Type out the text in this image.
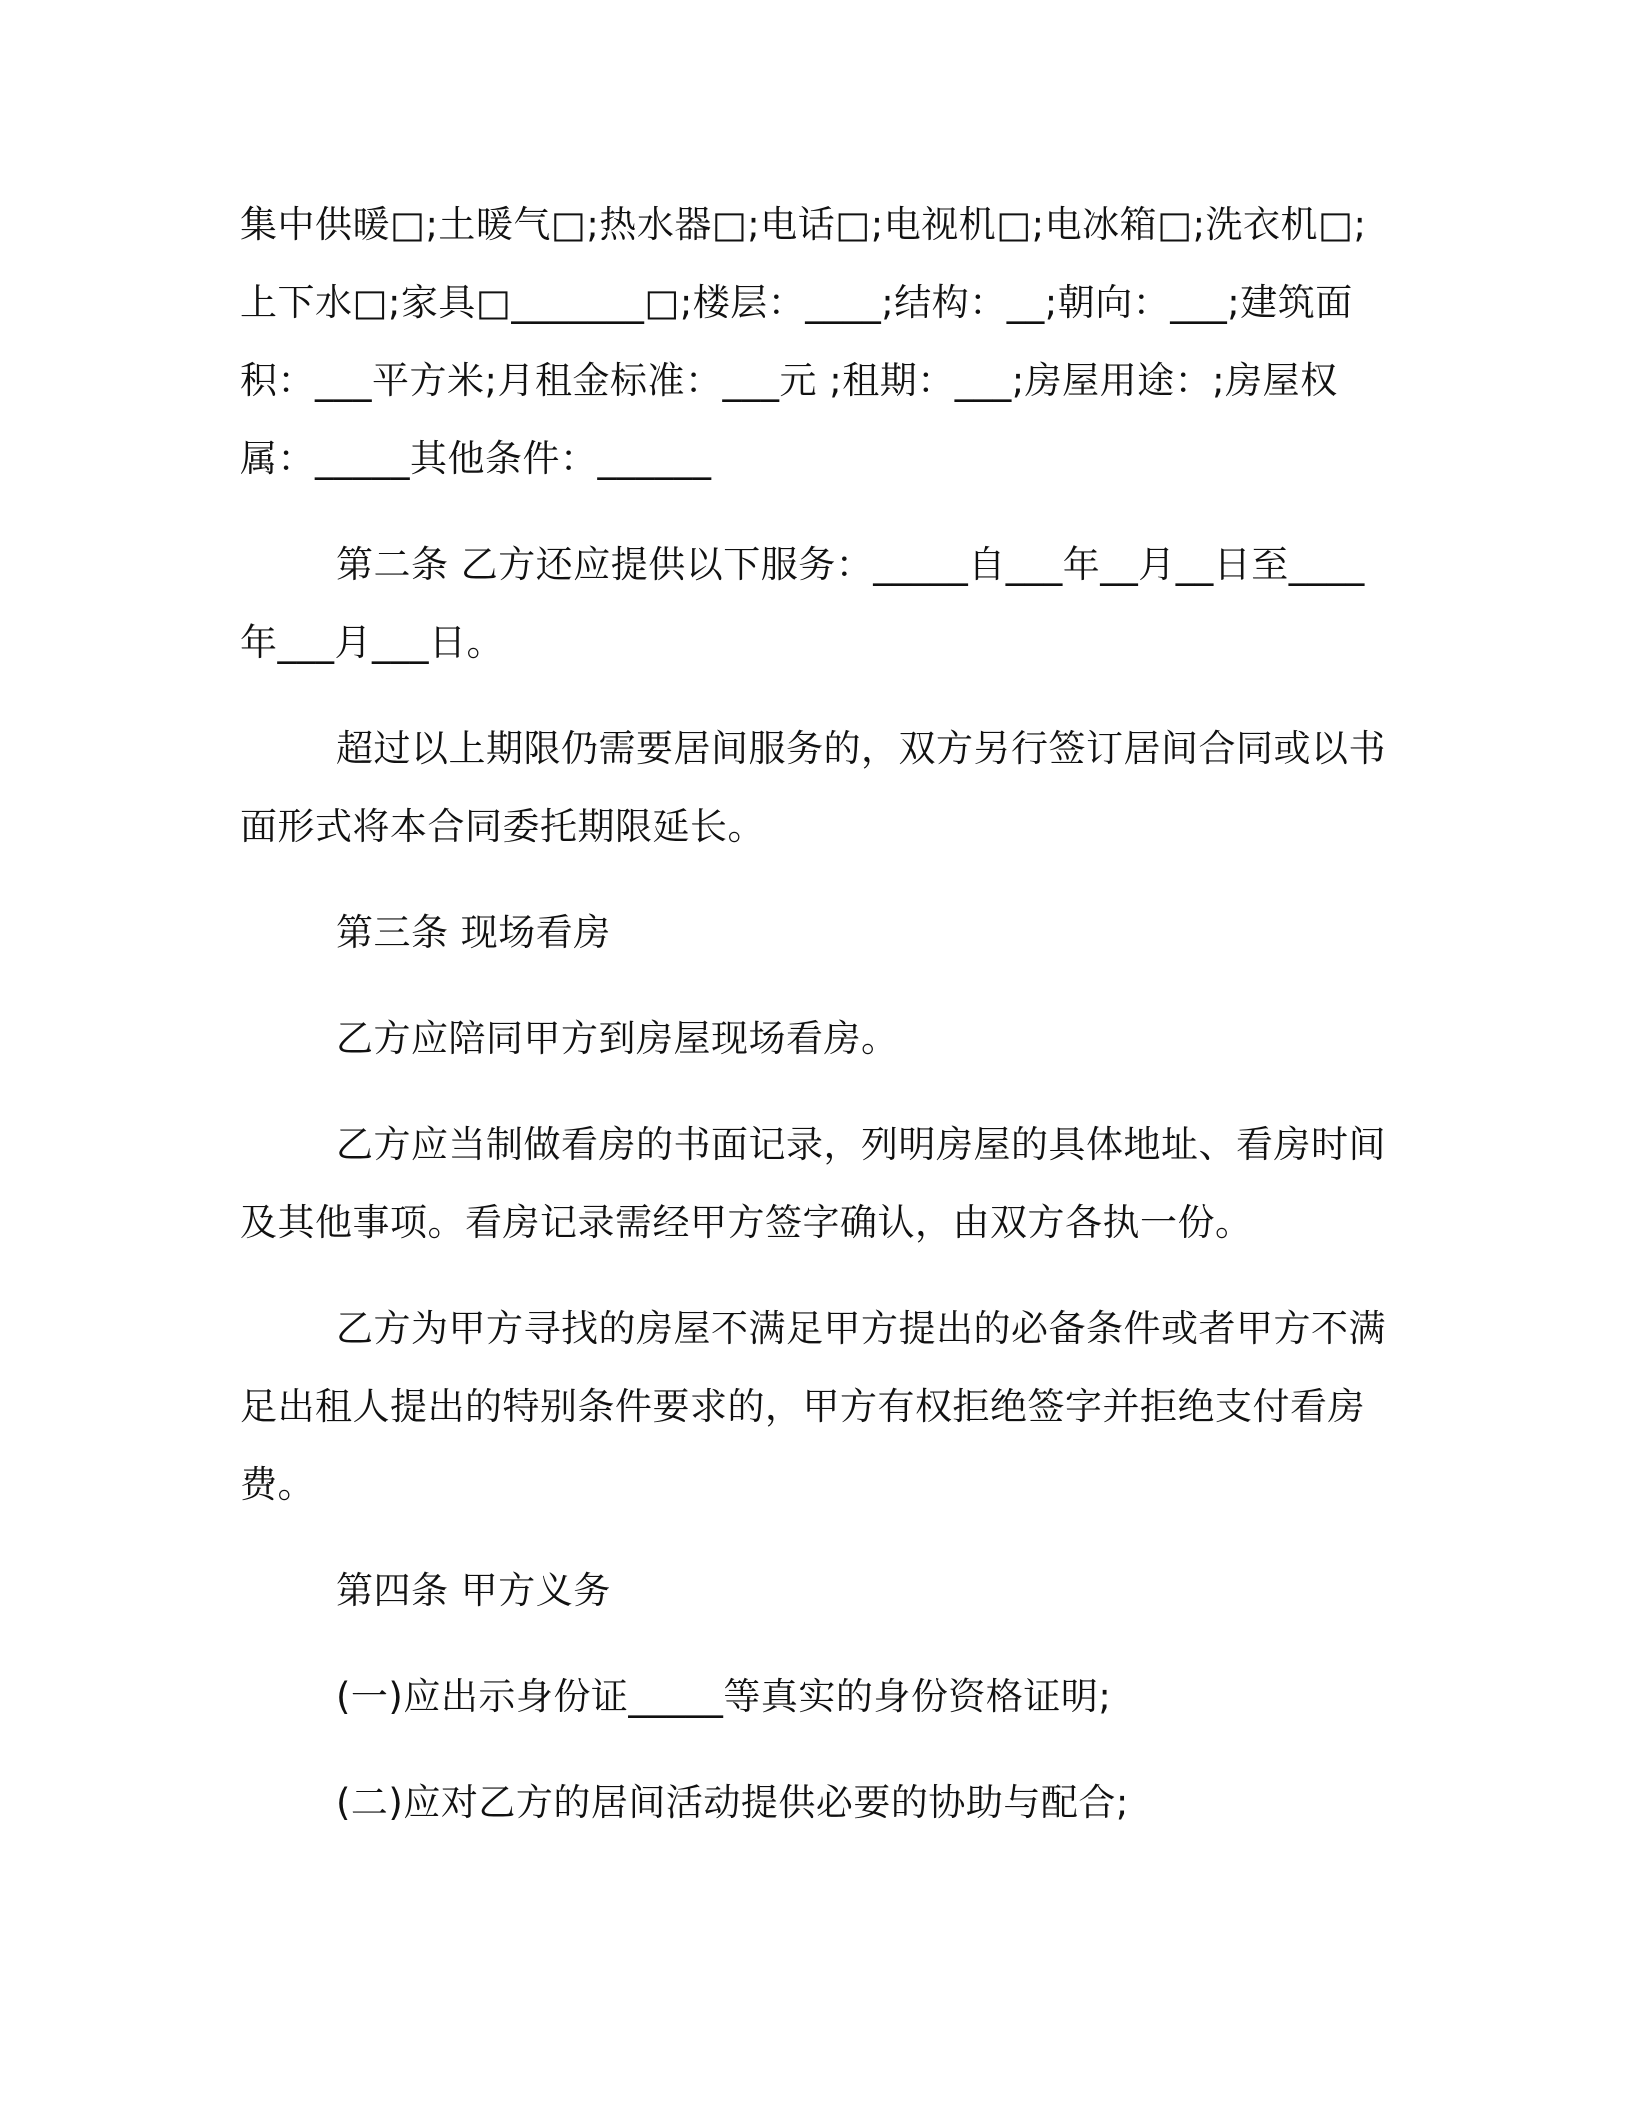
集中供暖□;土暖气□;热水器□;电话□;电视机□;电冰箱□;洗衣机□;上下水□;家具□_______□;楼层：____;结构：__;朝向：___;建筑面积：___平方米;月租金标准：___元 ;租期：___;房屋用途：;房屋权属：_____其他条件：______

第二条 乙方还应提供以下服务：_____自___年__月__日至____年___月___日。

超过以上期限仍需要居间服务的，双方另行签订居间合同或以书面形式将本合同委托期限延长。

第三条 现场看房

乙方应陪同甲方到房屋现场看房。

乙方应当制做看房的书面记录，列明房屋的具体地址、看房时间及其他事项。看房记录需经甲方签字确认，由双方各执一份。

乙方为甲方寻找的房屋不满足甲方提出的必备条件或者甲方不满足出租人提出的特别条件要求的，甲方有权拒绝签字并拒绝支付看房费。

第四条 甲方义务

(一)应出示身份证_____等真实的身份资格证明;

(二)应对乙方的居间活动提供必要的协助与配合;
